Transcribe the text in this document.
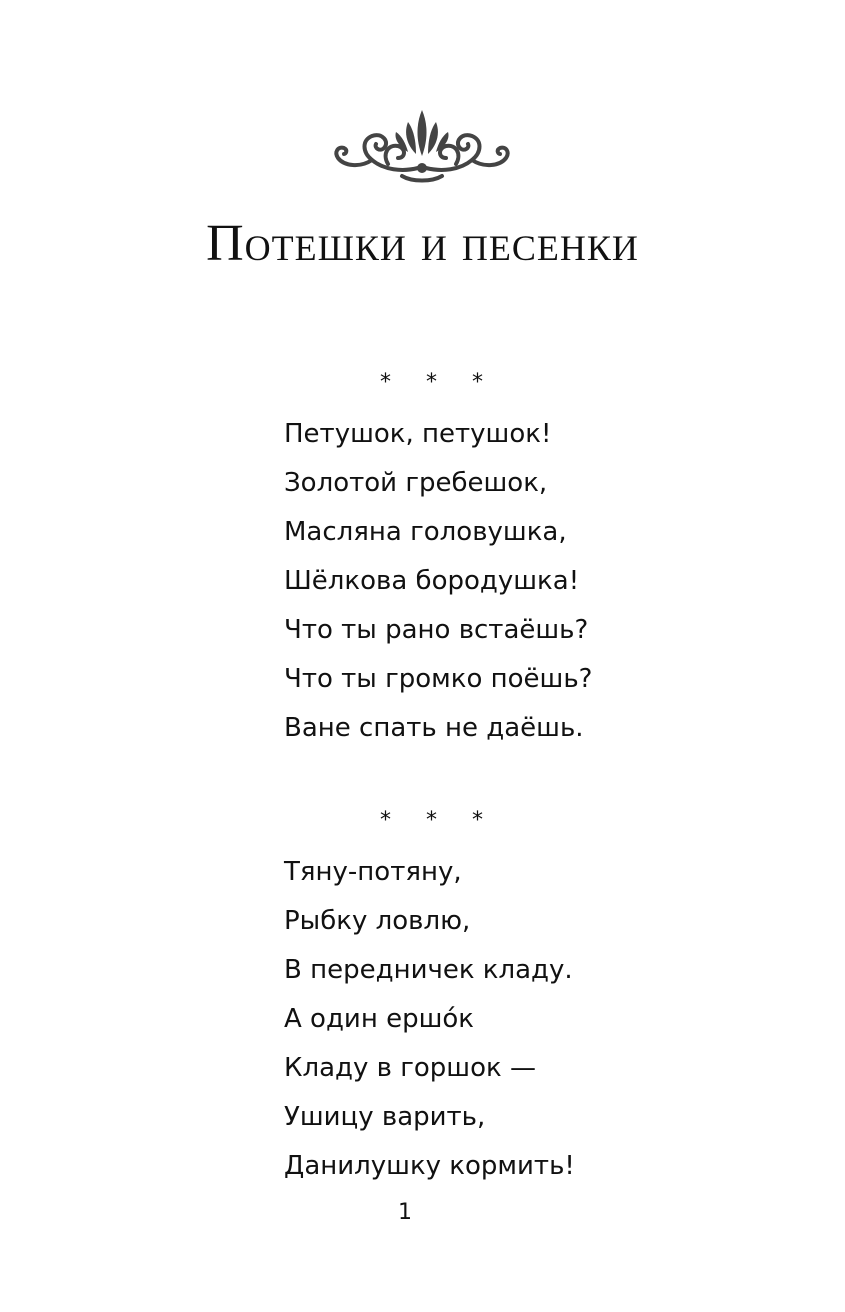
Потешки и песенки
* * *
Петушок, петушок!
Золотой гребешок,
Масляна головушка,
Шёлкова бородушка!
Что ты рано встаёшь?
Что ты громко поёшь?
Ване спать не даёшь.
* * *
Тяну-потяну,
Рыбку ловлю,
В передничек кладу.
А один ершóк
Кладу в горшок —
Ушицу варить,
Данилушку кормить!
1
